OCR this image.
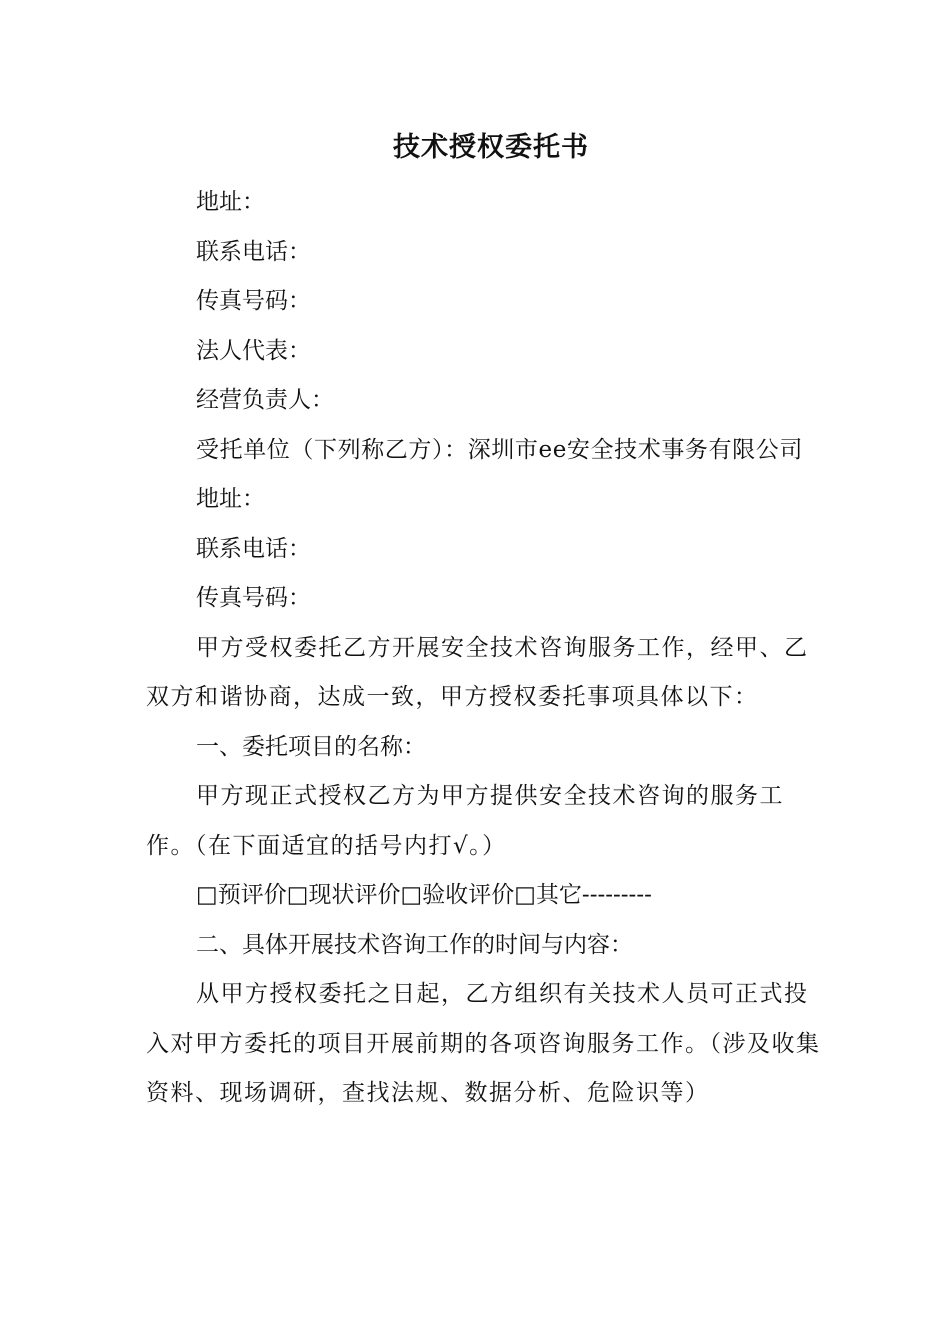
技术授权委托书

地址：

联系电话：

传真号码：

法人代表：

经营负责人：

受托单位（下列称乙方）：深圳市ee安全技术事务有限公司

地址：

联系电话：

传真号码：

甲方受权委托乙方开展安全技术咨询服务工作，经甲、乙双方和谐协商，达成一致，甲方授权委托事项具体以下：

一、委托项目的名称：

甲方现正式授权乙方为甲方提供安全技术咨询的服务工作。（在下面适宜的括号内打√。）

□预评价□现状评价□验收评价□其它---------

二、具体开展技术咨询工作的时间与内容：

从甲方授权委托之日起，乙方组织有关技术人员可正式投入对甲方委托的项目开展前期的各项咨询服务工作。（涉及收集资料、现场调研，查找法规、数据分析、危险识等）
